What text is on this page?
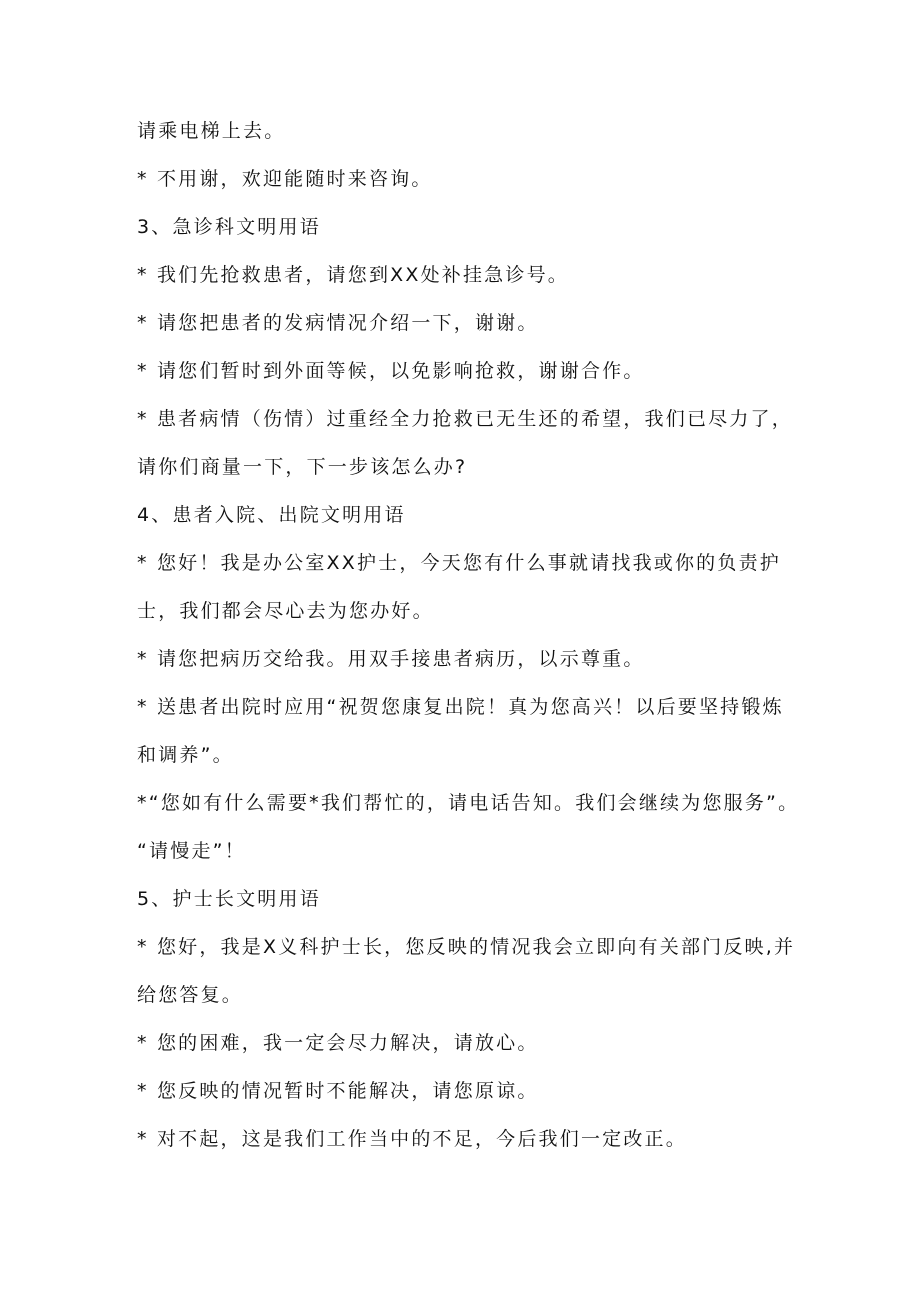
请乘电梯上去。
* 不用谢，欢迎能随时来咨询。
3、急诊科文明用语
* 我们先抢救患者，请您到XX处补挂急诊号。
* 请您把患者的发病情况介绍一下，谢谢。
* 请您们暂时到外面等候，以免影响抢救，谢谢合作。
* 患者病情（伤情）过重经全力抢救已无生还的希望，我们已尽力了，
请你们商量一下，下一步该怎么办?
4、患者入院、出院文明用语
* 您好！我是办公室XX护士，今天您有什么事就请找我或你的负责护
士，我们都会尽心去为您办好。
* 请您把病历交给我。用双手接患者病历，以示尊重。
* 送患者出院时应用“祝贺您康复出院！真为您高兴！以后要坚持锻炼
和调养”。
*“您如有什么需要*我们帮忙的，请电话告知。我们会继续为您服务”。
“请慢走”！
5、护士长文明用语
* 您好，我是X义科护士长，您反映的情况我会立即向有关部门反映,并
给您答复。
* 您的困难，我一定会尽力解决，请放心。
* 您反映的情况暂时不能解决，请您原谅。
* 对不起，这是我们工作当中的不足，今后我们一定改正。
